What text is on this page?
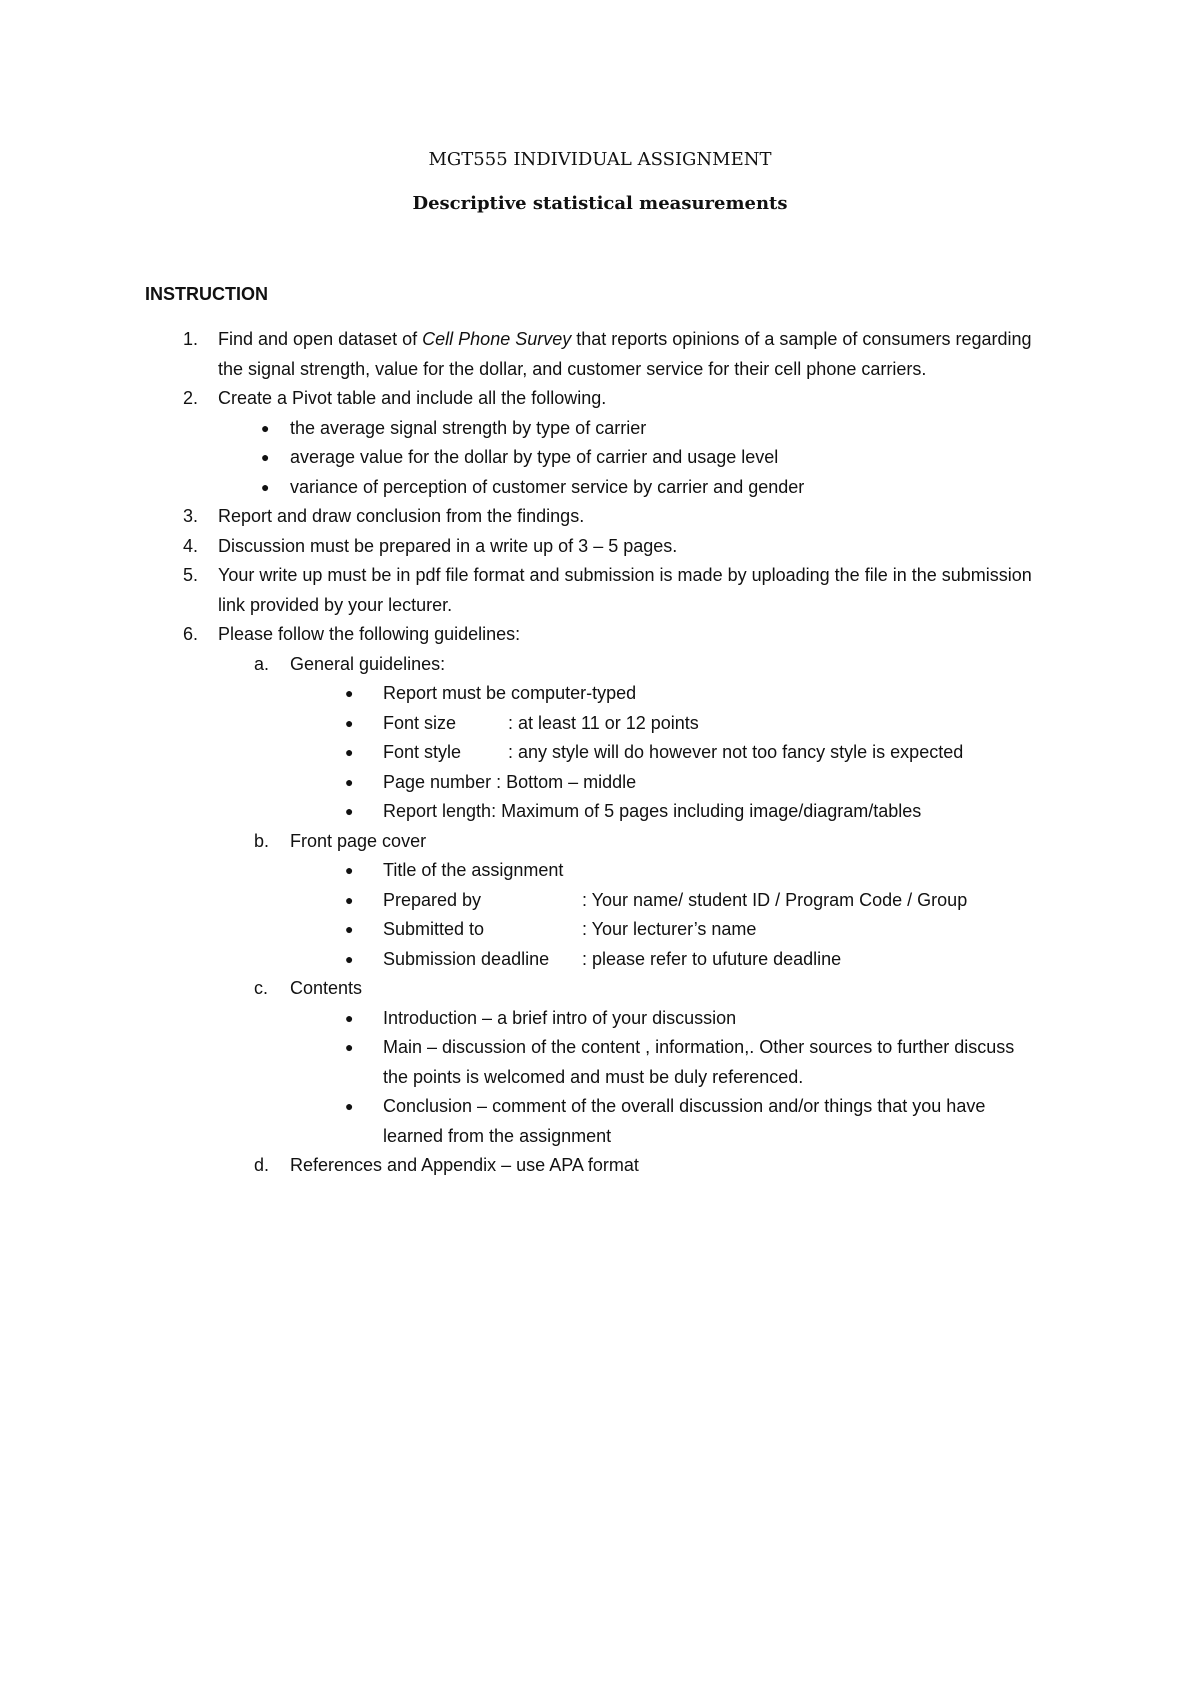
MGT555 INDIVIDUAL ASSIGNMENT
Descriptive statistical measurements
INSTRUCTION
1.	Find and open dataset of Cell Phone Survey that reports opinions of a sample of consumers regarding the signal strength, value for the dollar, and customer service for their cell phone carriers.
2.	Create a Pivot table and include all the following.
●	the average signal strength by type of carrier
●	average value for the dollar by type of carrier and usage level
●	variance of perception of customer service by carrier and gender
3.	Report and draw conclusion from the findings.
4.	Discussion must be prepared in a write up of 3 – 5 pages.
5.	Your write up must be in pdf file format and submission is made by uploading the file in the submission link provided by your lecturer.
6.	Please follow the following guidelines:
a.	General guidelines:
●	Report must be computer-typed
●	Font size	: at least 11 or 12 points
●	Font style	: any style will do however not too fancy style is expected
●	Page number : Bottom – middle
●	Report length: Maximum of 5 pages including image/diagram/tables
b.	Front page cover
●	Title of the assignment
●	Prepared by	: Your name/ student ID / Program Code / Group
●	Submitted to	: Your lecturer’s name
●	Submission deadline : please refer to ufuture deadline
c.	Contents
●	Introduction – a brief intro of your discussion
●	Main – discussion of the content , information,. Other sources to further discuss the points is welcomed and must be duly referenced.
●	Conclusion – comment of the overall discussion and/or things that you have learned from the assignment
d.	References and Appendix – use APA format
